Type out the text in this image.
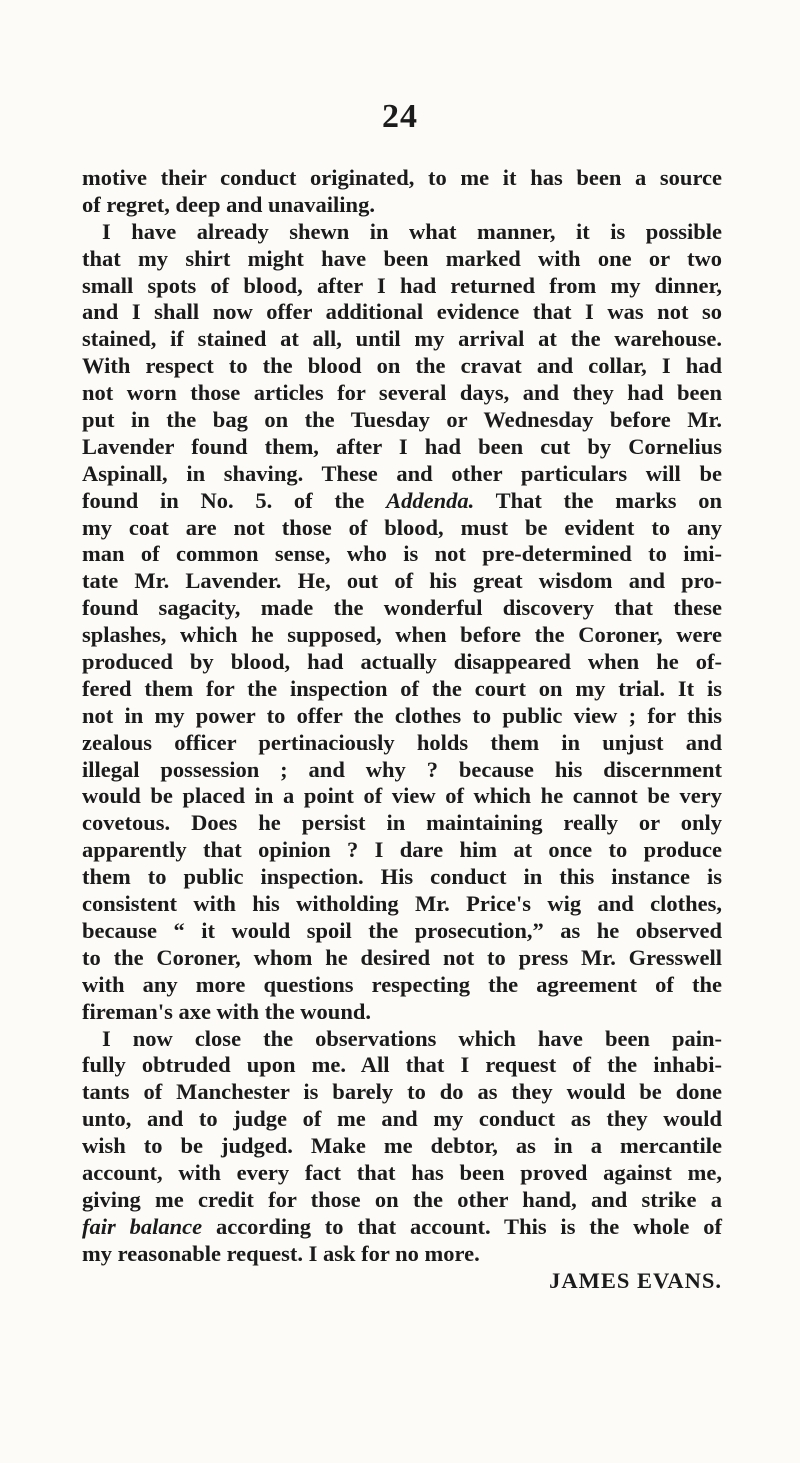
24
motive their conduct originated, to me it has been a source
of regret, deep and unavailing.
I have already shewn in what manner, it is possible
that my shirt might have been marked with one or two
small spots of blood, after I had returned from my dinner,
and I shall now offer additional evidence that I was not so
stained, if stained at all, until my arrival at the warehouse.
With respect to the blood on the cravat and collar, I had
not worn those articles for several days, and they had been
put in the bag on the Tuesday or Wednesday before Mr.
Lavender found them, after I had been cut by Cornelius
Aspinall, in shaving. These and other particulars will be
found in No. 5. of the Addenda. That the marks on
my coat are not those of blood, must be evident to any
man of common sense, who is not pre-determined to imi-
tate Mr. Lavender. He, out of his great wisdom and pro-
found sagacity, made the wonderful discovery that these
splashes, which he supposed, when before the Coroner, were
produced by blood, had actually disappeared when he of-
fered them for the inspection of the court on my trial. It is
not in my power to offer the clothes to public view ; for this
zealous officer pertinaciously holds them in unjust and
illegal possession ; and why ? because his discernment
would be placed in a point of view of which he cannot be very
covetous. Does he persist in maintaining really or only
apparently that opinion ? I dare him at once to produce
them to public inspection. His conduct in this instance is
consistent with his witholding Mr. Price's wig and clothes,
because “ it would spoil the prosecution,” as he observed
to the Coroner, whom he desired not to press Mr. Gresswell
with any more questions respecting the agreement of the
fireman's axe with the wound.
I now close the observations which have been pain-
fully obtruded upon me. All that I request of the inhabi-
tants of Manchester is barely to do as they would be done
unto, and to judge of me and my conduct as they would
wish to be judged. Make me debtor, as in a mercantile
account, with every fact that has been proved against me,
giving me credit for those on the other hand, and strike a
fair balance according to that account. This is the whole of
my reasonable request. I ask for no more.
JAMES EVANS.
